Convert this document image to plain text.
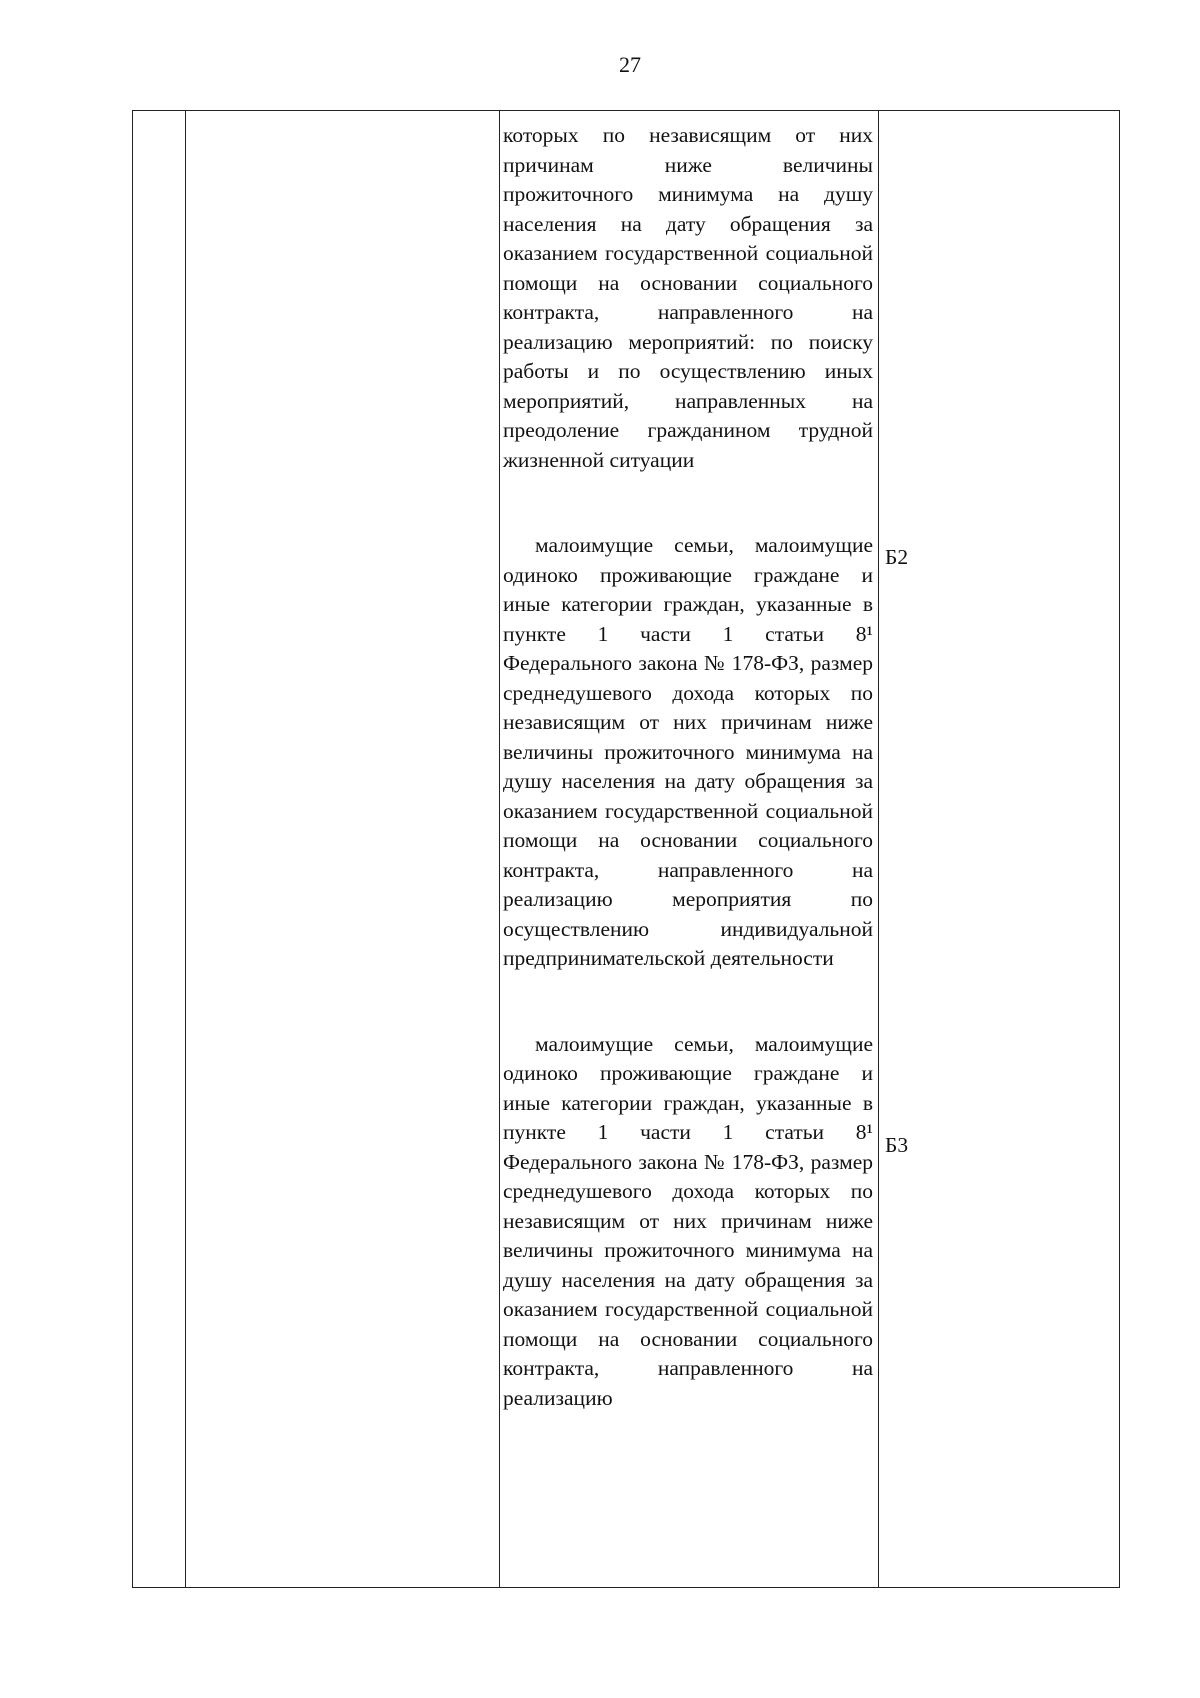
27

которых по независящим от них причинам ниже величины прожиточного минимума на душу населения на дату обращения за оказанием государственной социальной помощи на основании социального контракта, направленного на реализацию мероприятий: по поиску работы и по осуществлению иных мероприятий, направленных на преодоление гражданином трудной жизненной ситуации

малоимущие семьи, малоимущие одиноко проживающие граждане и иные категории граждан, указанные в пункте 1 части 1 статьи 8¹ Федерального закона № 178-ФЗ, размер среднедушевого дохода которых по независящим от них причинам ниже величины прожиточного минимума на душу населения на дату обращения за оказанием государственной социальной помощи на основании социального контракта, направленного на реализацию мероприятия по осуществлению индивидуальной предпринимательской деятельности

малоимущие семьи, малоимущие одиноко проживающие граждане и иные категории граждан, указанные в пункте 1 части 1 статьи 8¹ Федерального закона № 178-ФЗ, размер среднедушевого дохода которых по независящим от них причинам ниже величины прожиточного минимума на душу населения на дату обращения за оказанием государственной социальной помощи на основании социального контракта, направленного на реализацию

Б2
Б3
